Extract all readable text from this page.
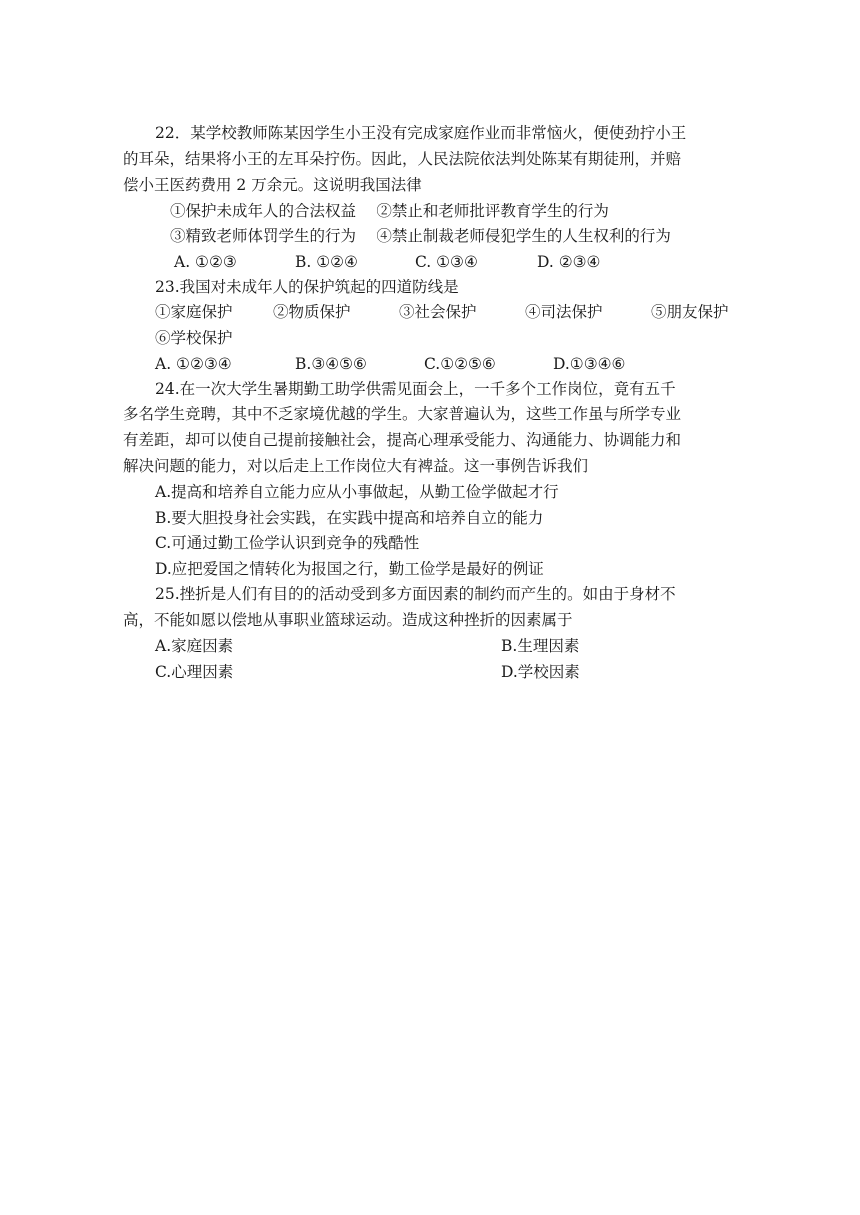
22．某学校教师陈某因学生小王没有完成家庭作业而非常恼火，便使劲拧小王
的耳朵，结果将小王的左耳朵拧伤。因此，人民法院依法判处陈某有期徒刑，并赔
偿小王医药费用 2 万余元。这说明我国法律
①保护未成年人的合法权益　 ②禁止和老师批评教育学生的行为
③精致老师体罚学生的行为　 ④禁止制裁老师侵犯学生的人生权利的行为
A. ①②③	B. ①②④	C. ①③④	D. ②③④
23.我国对未成年人的保护筑起的四道防线是
①家庭保护	②物质保护	③社会保护	④司法保护	⑤朋友保护
⑥学校保护
A. ①②③④	B.③④⑤⑥	C.①②⑤⑥	D.①③④⑥
24.在一次大学生暑期勤工助学供需见面会上，一千多个工作岗位，竟有五千
多名学生竞聘，其中不乏家境优越的学生。大家普遍认为，这些工作虽与所学专业
有差距，却可以使自己提前接触社会，提高心理承受能力、沟通能力、协调能力和
解决问题的能力，对以后走上工作岗位大有裨益。这一事例告诉我们
A.提高和培养自立能力应从小事做起，从勤工俭学做起才行
B.要大胆投身社会实践，在实践中提高和培养自立的能力
C.可通过勤工俭学认识到竞争的残酷性
D.应把爱国之情转化为报国之行，勤工俭学是最好的例证
25.挫折是人们有目的的活动受到多方面因素的制约而产生的。如由于身材不
高，不能如愿以偿地从事职业篮球运动。造成这种挫折的因素属于
A.家庭因素	B.生理因素
C.心理因素	D.学校因素
